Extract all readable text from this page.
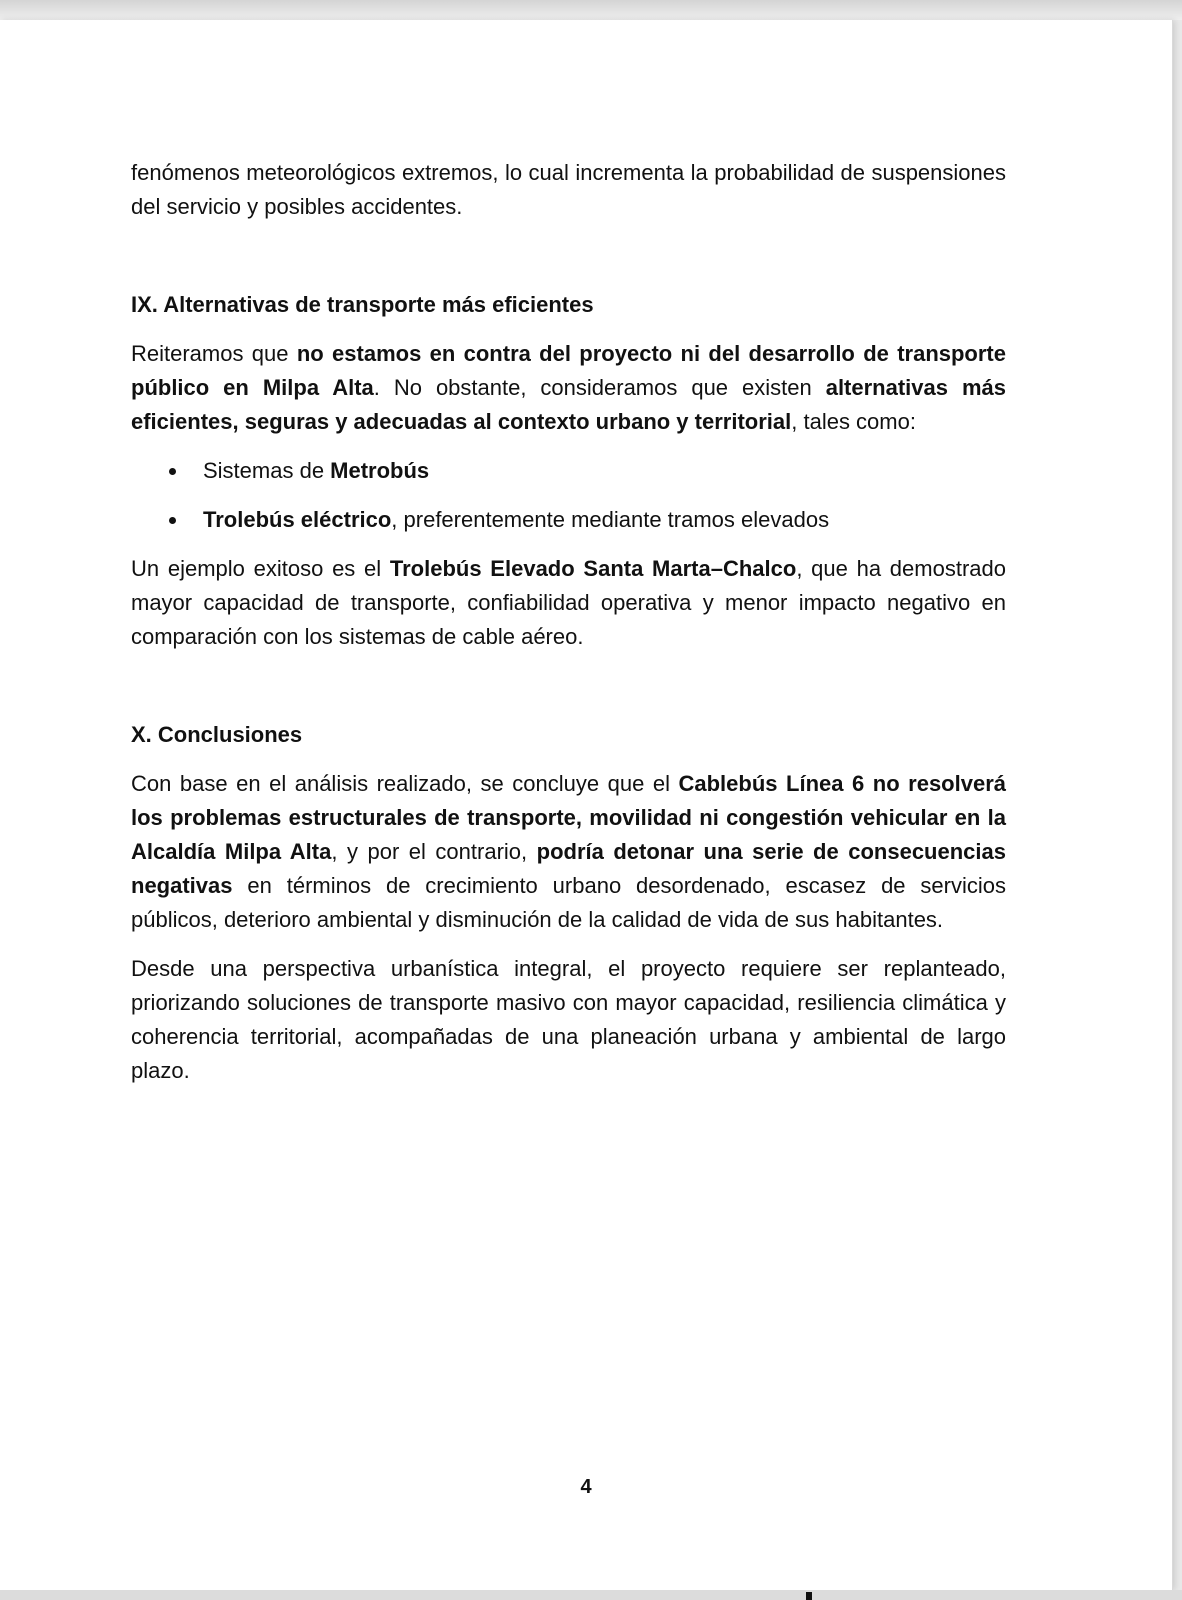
fenómenos meteorológicos extremos, lo cual incrementa la probabilidad de suspensiones del servicio y posibles accidentes.

IX. Alternativas de transporte más eficientes

Reiteramos que no estamos en contra del proyecto ni del desarrollo de transporte público en Milpa Alta. No obstante, consideramos que existen alternativas más eficientes, seguras y adecuadas al contexto urbano y territorial, tales como:

Sistemas de Metrobús
Trolebús eléctrico, preferentemente mediante tramos elevados

Un ejemplo exitoso es el Trolebús Elevado Santa Marta–Chalco, que ha demostrado mayor capacidad de transporte, confiabilidad operativa y menor impacto negativo en comparación con los sistemas de cable aéreo.

X. Conclusiones

Con base en el análisis realizado, se concluye que el Cablebús Línea 6 no resolverá los problemas estructurales de transporte, movilidad ni congestión vehicular en la Alcaldía Milpa Alta, y por el contrario, podría detonar una serie de consecuencias negativas en términos de crecimiento urbano desordenado, escasez de servicios públicos, deterioro ambiental y disminución de la calidad de vida de sus habitantes.

Desde una perspectiva urbanística integral, el proyecto requiere ser replanteado, priorizando soluciones de transporte masivo con mayor capacidad, resiliencia climática y coherencia territorial, acompañadas de una planeación urbana y ambiental de largo plazo.

4
